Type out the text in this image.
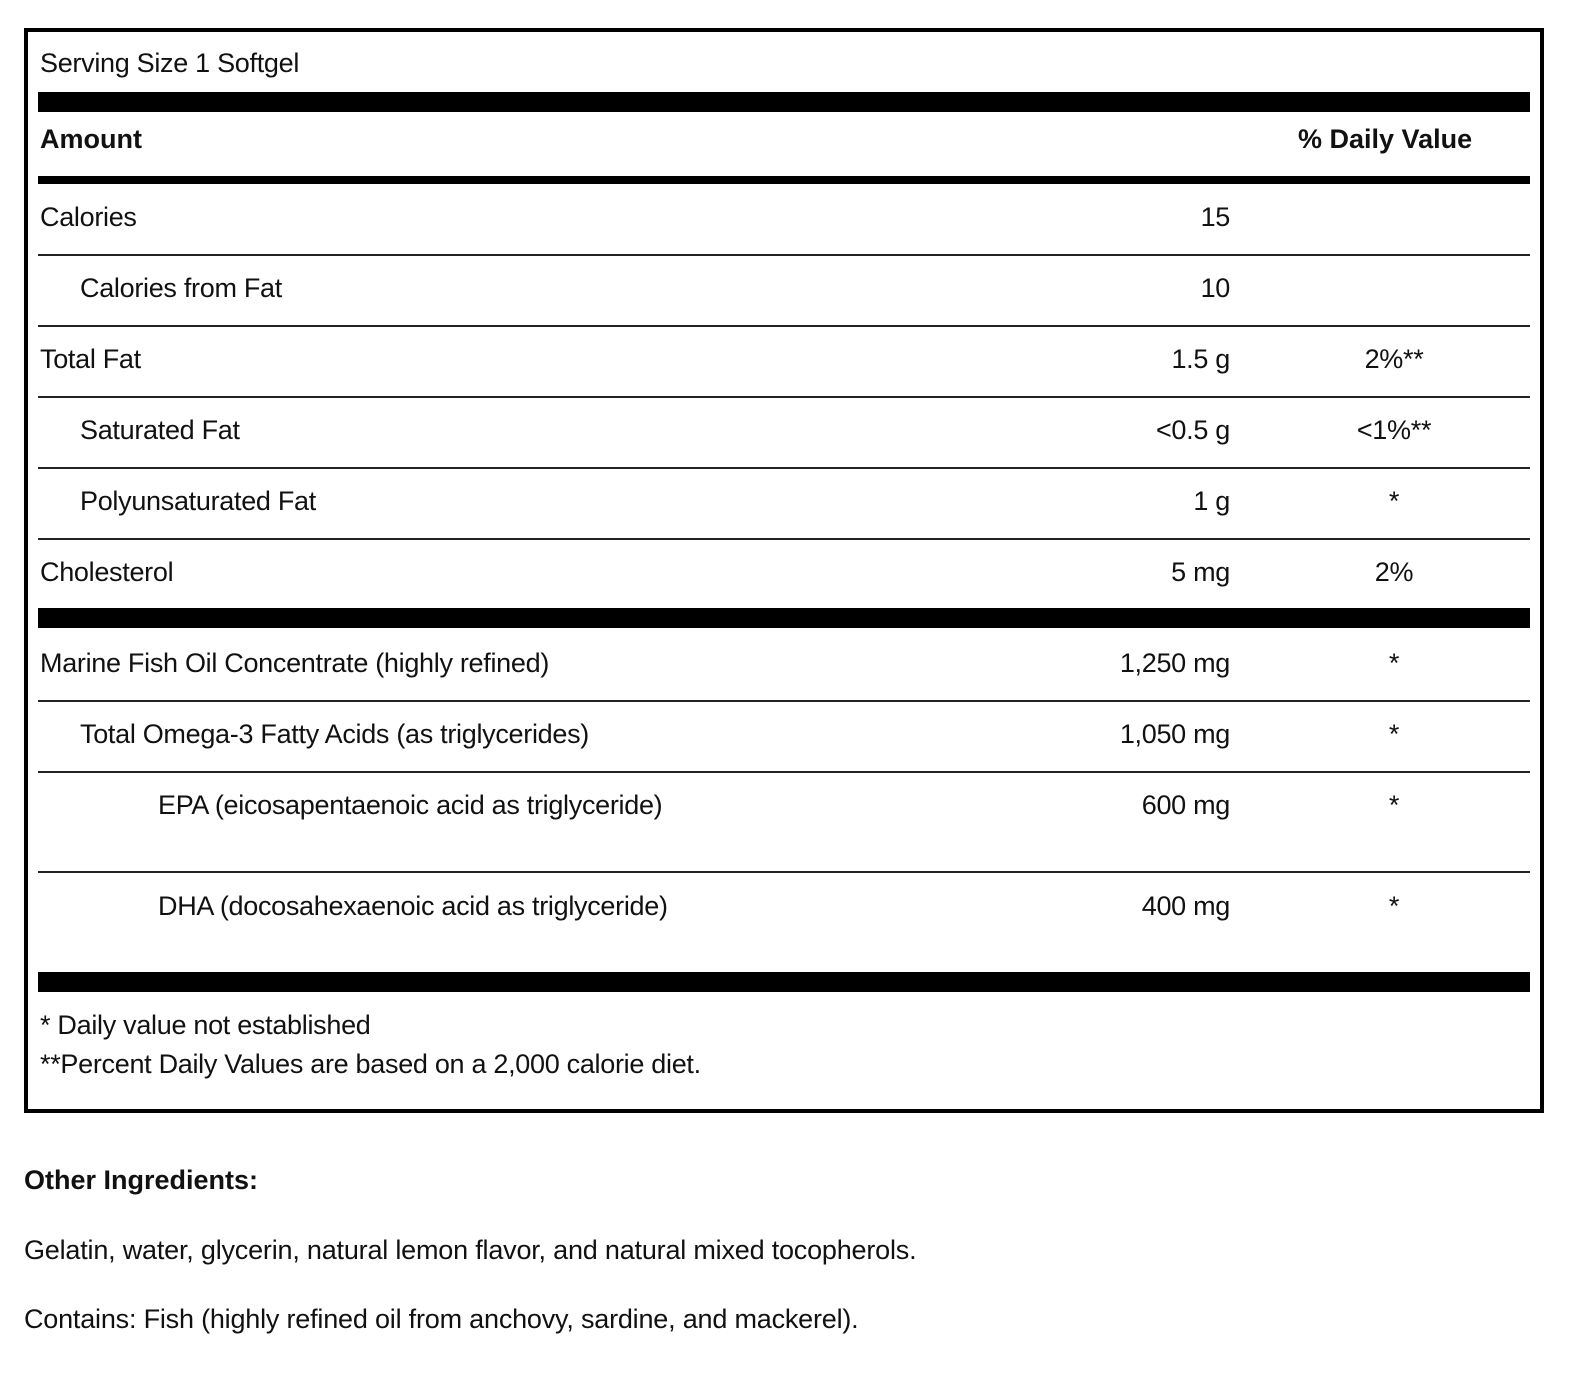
Serving Size 1 Softgel
Amount	% Daily Value
Calories	15
Calories from Fat	10
Total Fat	1.5 g	2%**
Saturated Fat	<0.5 g	<1%**
Polyunsaturated Fat	1 g	*
Cholesterol	5 mg	2%
Marine Fish Oil Concentrate (highly refined)	1,250 mg	*
Total Omega-3 Fatty Acids (as triglycerides)	1,050 mg	*
EPA (eicosapentaenoic acid as triglyceride)	600 mg	*
DHA (docosahexaenoic acid as triglyceride)	400 mg	*
* Daily value not established
**Percent Daily Values are based on a 2,000 calorie diet.
Other Ingredients:
Gelatin, water, glycerin, natural lemon flavor, and natural mixed tocopherols.
Contains: Fish (highly refined oil from anchovy, sardine, and mackerel).
